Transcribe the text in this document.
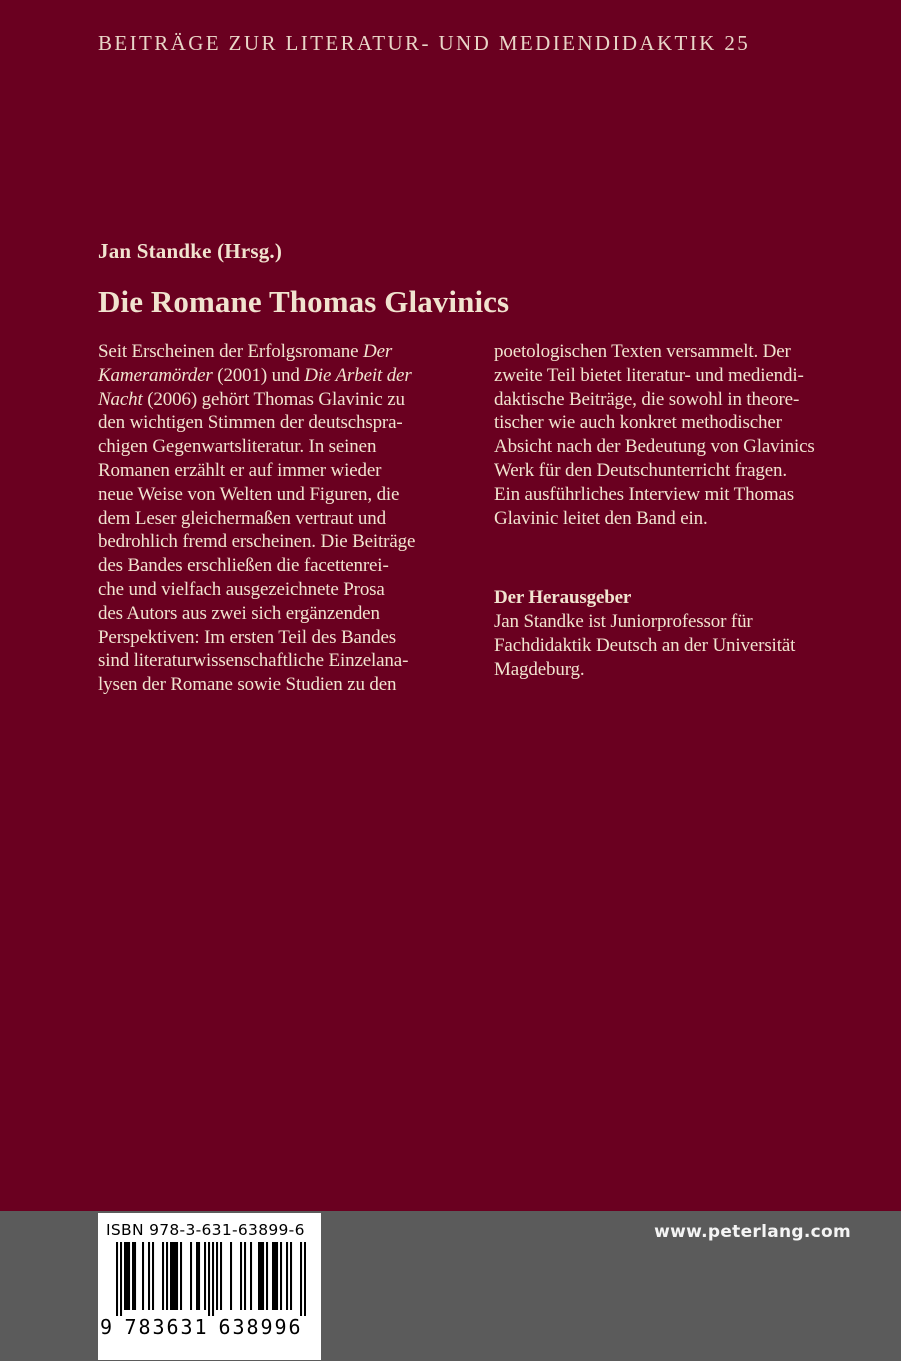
BEITRÄGE ZUR LITERATUR- UND MEDIENDIDAKTIK 25
Jan Standke (Hrsg.)
Die Romane Thomas Glavinics
Seit Erscheinen der Erfolgsromane Der
Kameramörder (2001) und Die Arbeit der
Nacht (2006) gehört Thomas Glavinic zu
den wichtigen Stimmen der deutschspra-
chigen Gegenwartsliteratur. In seinen
Romanen erzählt er auf immer wieder
neue Weise von Welten und Figuren, die
dem Leser gleichermaßen vertraut und
bedrohlich fremd erscheinen. Die Beiträge
des Bandes erschließen die facettenrei-
che und vielfach ausgezeichnete Prosa
des Autors aus zwei sich ergänzenden
Perspektiven: Im ersten Teil des Bandes
sind literaturwissenschaftliche Einzelana-
lysen der Romane sowie Studien zu den
poetologischen Texten versammelt. Der
zweite Teil bietet literatur- und mediendi-
daktische Beiträge, die sowohl in theore-
tischer wie auch konkret methodischer
Absicht nach der Bedeutung von Glavinics
Werk für den Deutschunterricht fragen.
Ein ausführliches Interview mit Thomas
Glavinic leitet den Band ein.
Der Herausgeber
Jan Standke ist Juniorprofessor für
Fachdidaktik Deutsch an der Universität
Magdeburg.
www.peterlang.com
ISBN 978-3-631-63899-6
9 7 8 3 6 3 1 6 3 8 9 9 6
